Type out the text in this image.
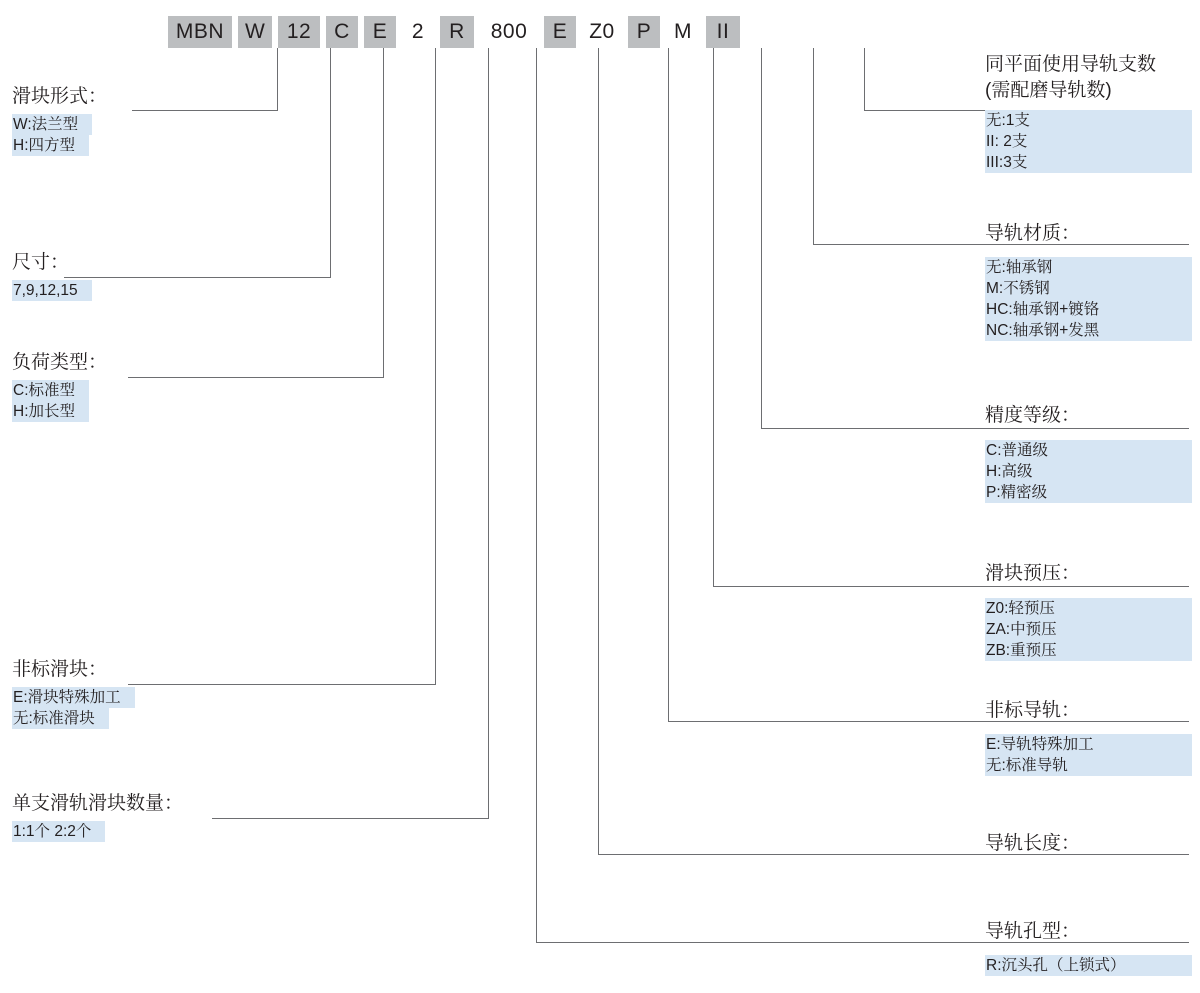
MBN W	12	C	E	2	R	800	E	Z0	P	M	II
滑块形式：
W:法兰型
H:四方型
尺寸：
7,9,12,15
负荷类型：
C:标准型
H:加长型
非标滑块：
E:滑块特殊加工
无:标准滑块
单支滑轨滑块数量：
1:1个 2:2个
同平面使用导轨支数
(需配磨导轨数)
无:1支
II: 2支
III:3支
导轨材质：
无:轴承钢
M:不锈钢
HC:轴承钢+镀铬
NC:轴承钢+发黑
精度等级：
C:普通级
H:高级
P:精密级
滑块预压：
Z0:轻预压
ZA:中预压
ZB:重预压
非标导轨：
E:导轨特殊加工
无:标准导轨
导轨长度：
导轨孔型：
R:沉头孔（上锁式）
